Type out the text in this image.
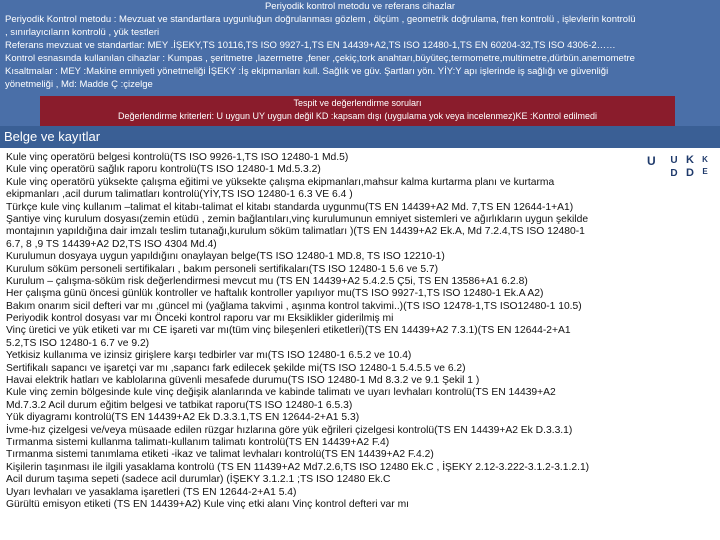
Periyodik kontrol metodu ve referans cihazlar
Periyodik Kontrol metodu : Mevzuat ve standartlara uygunluğun doğrulanması gözlem , ölçüm , geometrik doğrulama, fren kontrolü , işlevlerin kontrolü
, sınırlayıcıların kontrolü , yük testleri
Referans mevzuat ve standartlar: MEY .İŞEKY,TS 10116,TS ISO 9927-1,TS EN 14439+A2,TS ISO 12480-1,TS EN 60204-32,TS ISO 4306-2……
Kontrol esnasında kullanılan cihazlar : Kumpas , şeritmetre ,lazermetre ,fener ,çekiç,tork anahtarı,büyüteç,termometre,multimetre,dürbün.anemometre
Kısaltmalar : MEY :Makine emniyeti yönetmeliği İŞEKY :İş ekipmanları kull. Sağlık ve güv. Şartları yön. YİY:Y apı işlerinde iş sağlığı ve güvenliği
yönetmeliği , Md: Madde Ç :çizelge
Tespit ve değerlendirme soruları
Değerlendirme kriterleri: U uygun UY uygun değil KD :kapsam dışı (uygulama yok veya incelenmez)KE :Kontrol edilmedi
Belge ve kayıtlar
U U
D
K
D
K
E
Kule vinç operatörü belgesi kontrolü(TS ISO 9926-1,TS ISO 12480-1 Md.5)
Kule vinç operatörü sağlık raporu kontrolü(TS ISO 12480-1 Md.5.3.2)
Kule vinç operatörü yüksekte çalışma eğitimi ve yüksekte çalışma ekipmanları,mahsur kalma kurtarma planı ve kurtarma
ekipmanları ,acil durum talimatları kontrolü(YİY,TS ISO 12480-1 6.3 VE 6.4 )
Türkçe kule vinç kullanım –talimat el kitabı-talimat el kitabı standarda uygunmu(TS EN 14439+A2 Md. 7,TS EN 12644-1+A1)
Şantiye vinç kurulum dosyası(zemin etüdü , zemin bağlantıları,vinç kurulumunun emniyet sistemleri ve ağırlıkların uygun şekilde
montajının yapıldığına dair imzalı teslim tutanağı,kurulum söküm talimatları )(TS EN 14439+A2 Ek.A, Md 7.2.4,TS ISO 12480-1
6.7, 8 ,9 TS 14439+A2 D2,TS ISO 4304 Md.4)
Kurulumun dosyaya uygun yapıldığını onaylayan belge(TS ISO 12480-1 MD.8, TS ISO 12210-1)
Kurulum söküm personeli sertifikaları , bakım personeli sertifikaları(TS ISO 12480-1 5.6 ve 5.7)
Kurulum – çalışma-söküm risk değerlendirmesi mevcut mu (TS EN 14439+A2 5.4.2.5 Ç5i, TS EN 13586+A1 6.2.8)
Her çalışma günü öncesi günlük kontroller ve haftalık kontroller yapılıyor mu(TS ISO 9927-1,TS ISO 12480-1 Ek.A A2)
Bakım onarım sicil defteri var mı ,güncel mi (yağlama takvimi , aşınma kontrol takvimi..)(TS ISO 12478-1,TS ISO12480-1 10.5)
Periyodik kontrol dosyası var mı Önceki kontrol raporu var mı Eksiklikler giderilmiş mi
Vinç üretici ve yük etiketi var mı CE işareti var mı(tüm vinç bileşenleri etiketleri)(TS EN 14439+A2 7.3.1)(TS EN 12644-2+A1
5.2,TS ISO 12480-1 6.7 ve 9.2)
Yetkisiz kullanıma ve izinsiz girişlere karşı tedbirler var mı(TS ISO 12480-1 6.5.2 ve 10.4)
Sertifikalı sapancı ve işaretçi var mı ,sapancı fark edilecek şekilde mi(TS ISO 12480-1 5.4.5.5 ve 6.2)
Havai elektrik hatları ve kablolarına güvenli mesafede durumu(TS ISO 12480-1 Md 8.3.2 ve 9.1 Şekil 1 )
Kule vinç zemin bölgesinde kule vinç değişik alanlarında ve kabinde talimatı ve uyarı levhaları kontrolü(TS EN 14439+A2
Md.7.3.2 Acil durum eğitim belgesi ve tatbikat raporu(TS ISO 12480-1 6.5.3)
Yük diyagramı kontrolü(TS EN 14439+A2 Ek D.3.3.1,TS EN 12644-2+A1 5.3)
İvme-hız çizelgesi ve/veya müsaade edilen rüzgar hızlarına göre yük eğrileri çizelgesi kontrolü(TS EN 14439+A2 Ek D.3.3.1)
Tırmanma sistemi kullanma talimatı-kullanım talimatı kontrolü(TS EN 14439+A2 F.4)
Tırmanma sistemi tanımlama etiketi -ikaz ve talimat levhaları kontrolü(TS EN 14439+A2 F.4.2)
Kişilerin taşınması ile ilgili yasaklama kontrolü (TS EN 11439+A2 Md7.2.6,TS ISO 12480 Ek.C , İŞEKY 2.12-3.222-3.1.2-3.1.2.1)
Acil durum taşıma sepeti (sadece acil durumlar) (İŞEKY 3.1.2.1 ;TS ISO 12480 Ek.C
Uyarı levhaları ve yasaklama işaretleri (TS EN 12644-2+A1 5.4)
Gürültü emisyon etiketi (TS EN 14439+A2) Kule vinç etki alanı Vinç kontrol defteri var mı
